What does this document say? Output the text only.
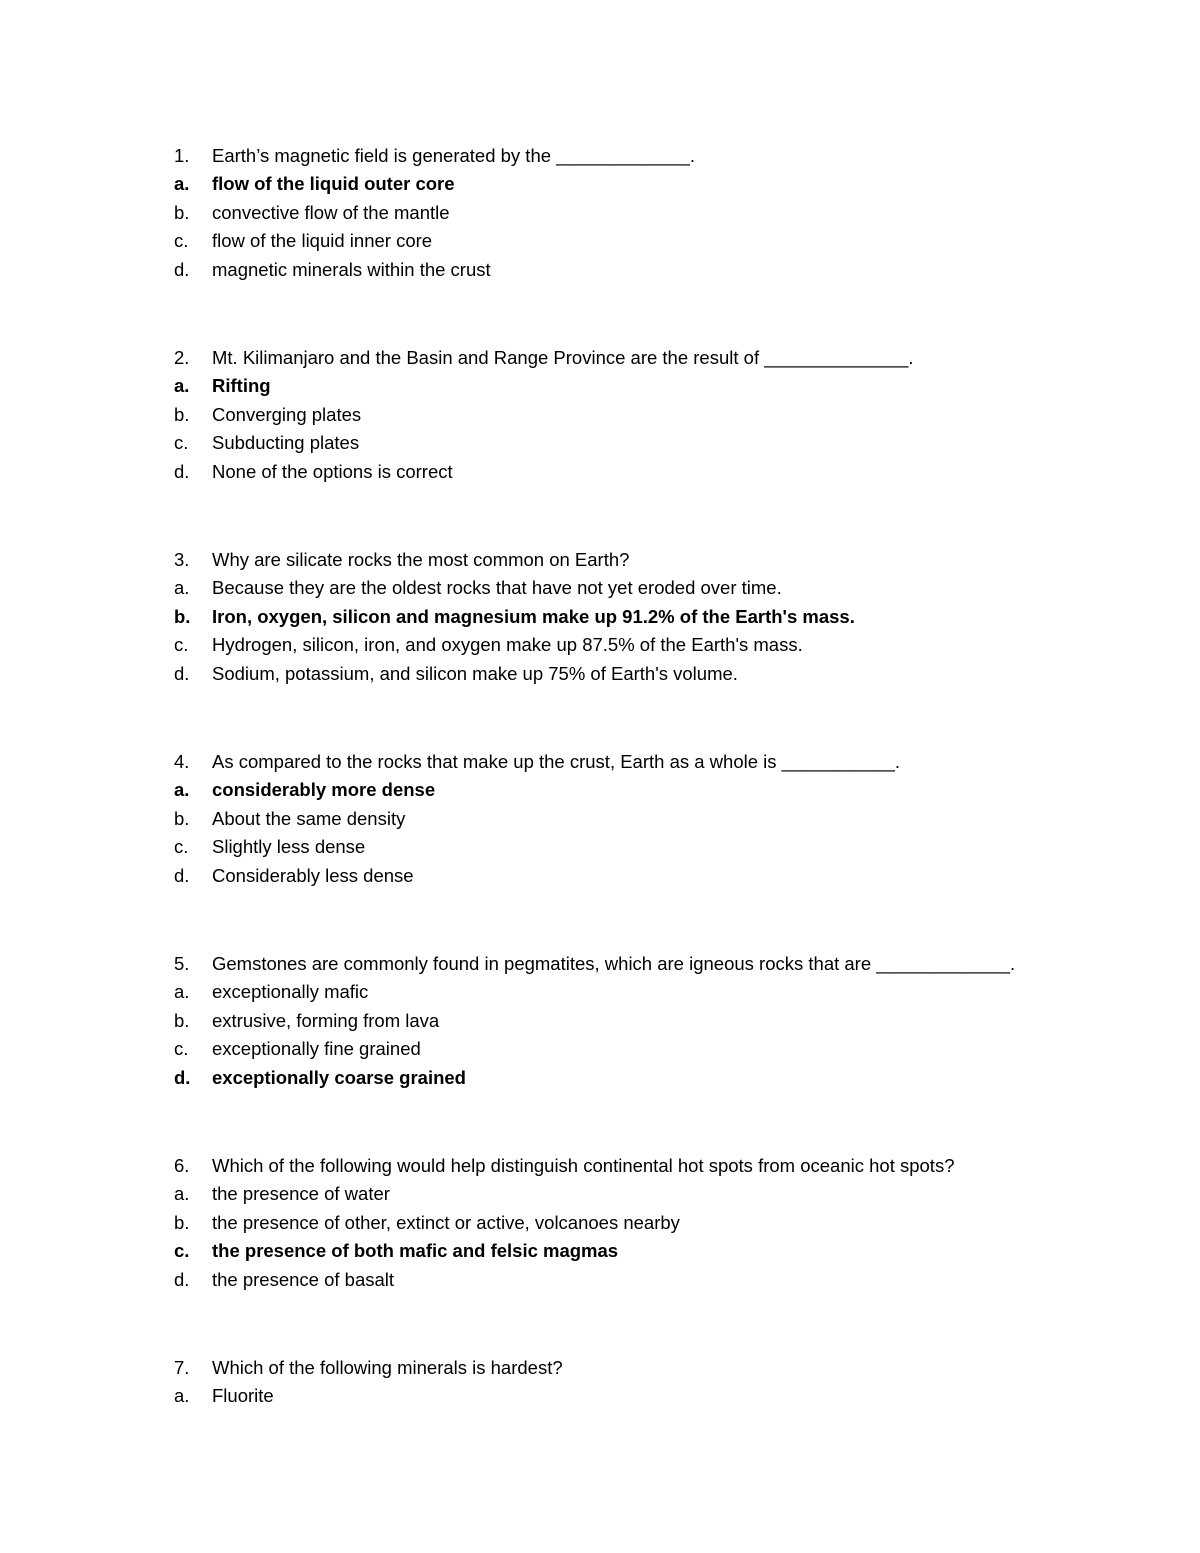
1.	Earth’s magnetic field is generated by the _____________.
a.	flow of the liquid outer core
b.	convective flow of the mantle
c.	flow of the liquid inner core
d.	magnetic minerals within the crust
2.	Mt. Kilimanjaro and the Basin and Range Province are the result of ______________.
a.	Rifting
b.	Converging plates
c.	Subducting plates
d.	None of the options is correct
3.	Why are silicate rocks the most common on Earth?
a.	Because they are the oldest rocks that have not yet eroded over time.
b.	Iron, oxygen, silicon and magnesium make up 91.2% of the Earth's mass.
c.	Hydrogen, silicon, iron, and oxygen make up 87.5% of the Earth's mass.
d.	Sodium, potassium, and silicon make up 75% of Earth's volume.
4.	As compared to the rocks that make up the crust, Earth as a whole is ___________.
a.	considerably more dense
b.	About the same density
c.	Slightly less dense
d.	Considerably less dense
5.	Gemstones are commonly found in pegmatites, which are igneous rocks that are _____________.
a.	exceptionally mafic
b.	extrusive, forming from lava
c.	exceptionally fine grained
d.	exceptionally coarse grained
6.	Which of the following would help distinguish continental hot spots from oceanic hot spots?
a.	the presence of water
b.	the presence of other, extinct or active, volcanoes nearby
c.	the presence of both mafic and felsic magmas
d.	the presence of basalt
7.	Which of the following minerals is hardest?
a.	Fluorite
